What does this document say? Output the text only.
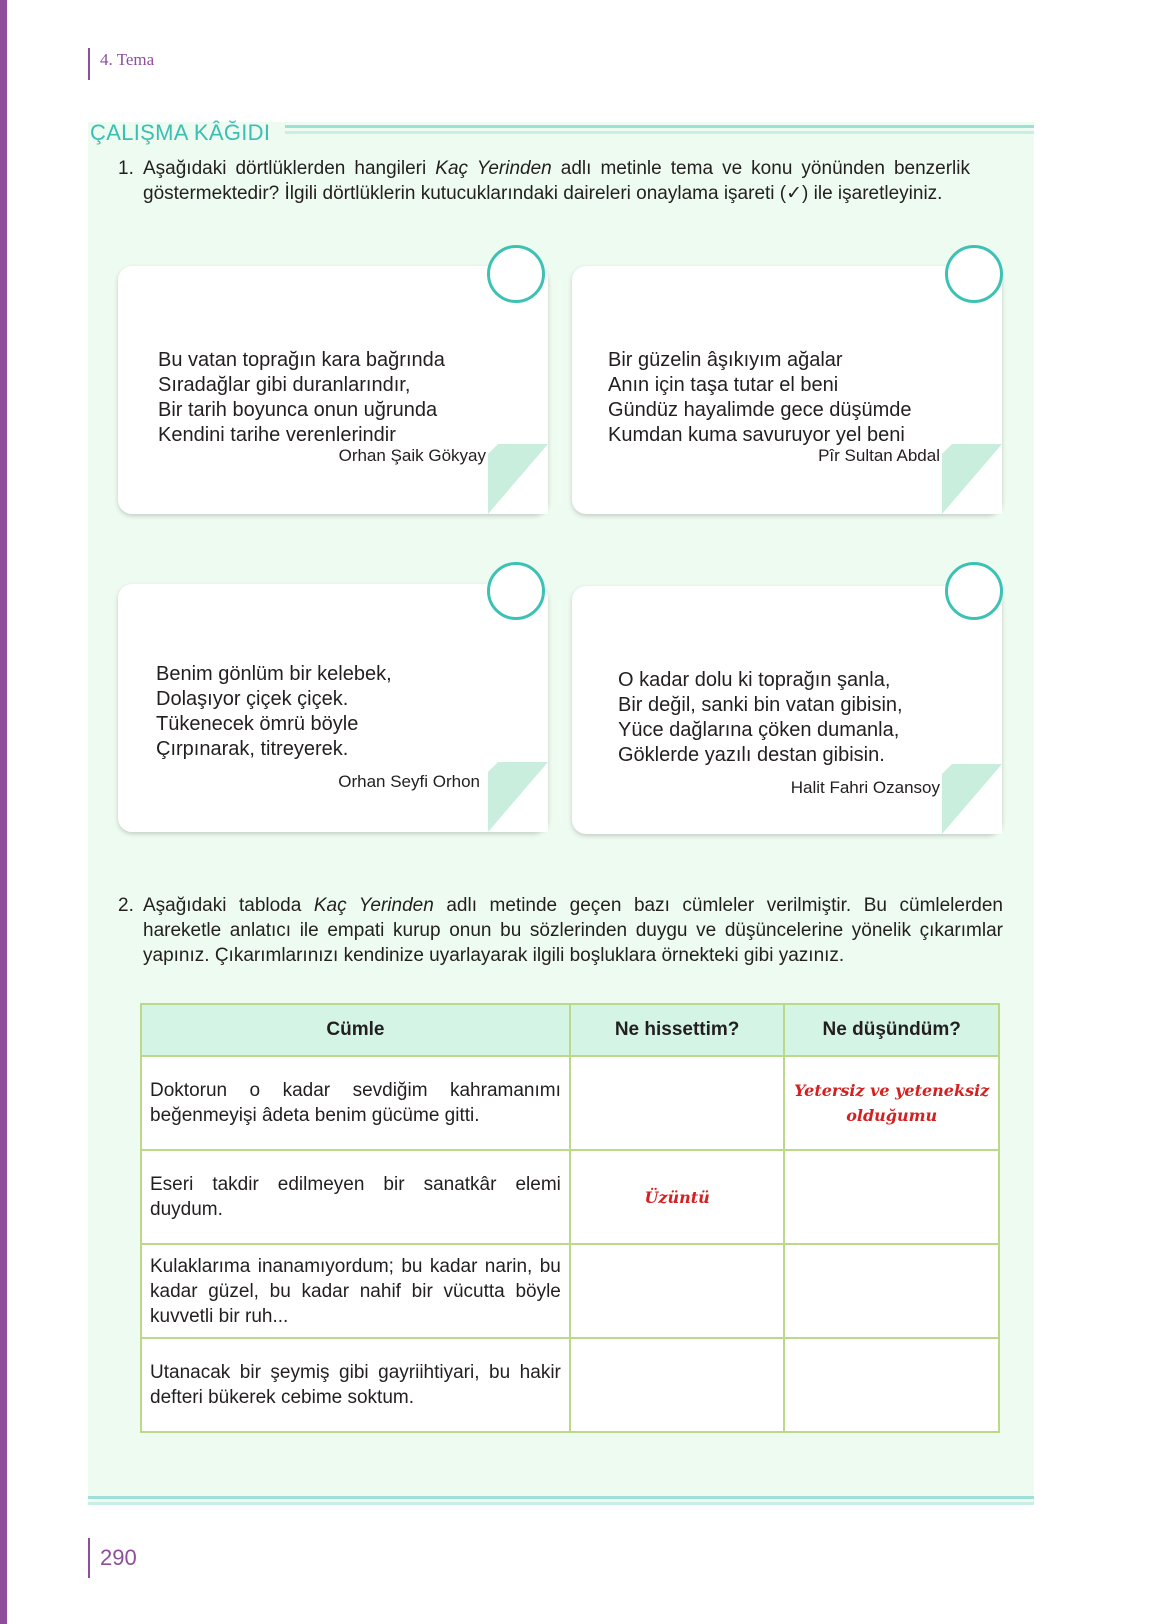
4. Tema
ÇALIŞMA KÂĞIDI
1. Aşağıdaki dörtlüklerden hangileri Kaç Yerinden adlı metinle tema ve konu yönünden benzerlik göstermektedir? İlgili dörtlüklerin kutucuklarındaki daireleri onaylama işareti (✓) ile işaretleyiniz.
Bu vatan toprağın kara bağrında
Sıradağlar gibi duranlarındır,
Bir tarih boyunca onun uğrunda
Kendini tarihe verenlerindir
Orhan Şaik Gökyay
Bir güzelin âşıkıyım ağalar
Anın için taşa tutar el beni
Gündüz hayalimde gece düşümde
Kumdan kuma savuruyor yel beni
Pîr Sultan Abdal
Benim gönlüm bir kelebek,
Dolaşıyor çiçek çiçek.
Tükenecek ömrü böyle
Çırpınarak, titreyerek.
Orhan Seyfi Orhon
O kadar dolu ki toprağın şanla,
Bir değil, sanki bin vatan gibisin,
Yüce dağlarına çöken dumanla,
Göklerde yazılı destan gibisin.
Halit Fahri Ozansoy
2. Aşağıdaki tabloda Kaç Yerinden adlı metinde geçen bazı cümleler verilmiştir. Bu cümlelerden hareketle anlatıcı ile empati kurup onun bu sözlerinden duygu ve düşüncelerine yönelik çıkarımlar yapınız. Çıkarımlarınızı kendinize uyarlayarak ilgili boşluklara örnekteki gibi yazınız.
Cümle	Ne hissettim?	Ne düşündüm?
Doktorun o kadar sevdiğim kahramanımı beğenmeyişi âdeta benim gücüme gitti.		Yetersiz ve yeteneksiz olduğumu
Eseri takdir edilmeyen bir sanatkâr elemi duydum.	Üzüntü	
Kulaklarıma inanamıyordum; bu kadar narin, bu kadar güzel, bu kadar nahif bir vücutta böyle kuvvetli bir ruh...		
Utanacak bir şeymiş gibi gayriihtiyari, bu hakir defteri bükerek cebime soktum.		
290
